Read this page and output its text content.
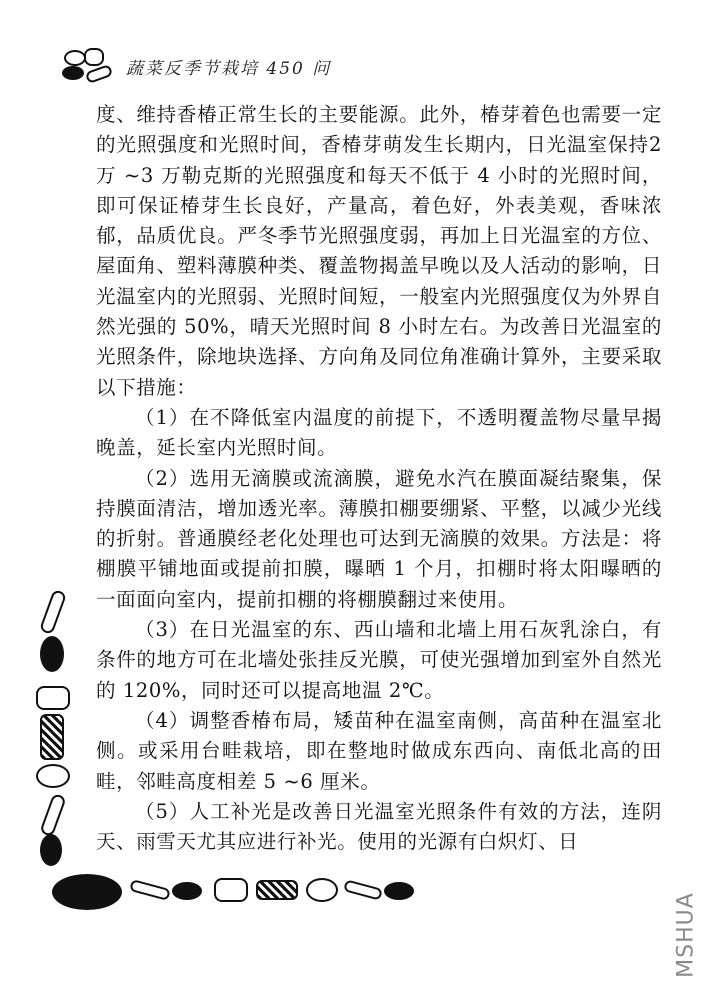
蔬菜反季节栽培 450 问

度、维持香椿正常生长的主要能源。此外，椿芽着色也需要一定的光照强度和光照时间，香椿芽萌发生长期内，日光温室保持2 万 ~3 万勒克斯的光照强度和每天不低于 4 小时的光照时间，即可保证椿芽生长良好，产量高，着色好，外表美观，香味浓郁，品质优良。严冬季节光照强度弱，再加上日光温室的方位、屋面角、塑料薄膜种类、覆盖物揭盖早晚以及人活动的影响，日光温室内的光照弱、光照时间短，一般室内光照强度仅为外界自然光强的 50%，晴天光照时间 8 小时左右。为改善日光温室的光照条件，除地块选择、方向角及同位角准确计算外，主要采取以下措施：

（1）在不降低室内温度的前提下，不透明覆盖物尽量早揭晚盖，延长室内光照时间。

（2）选用无滴膜或流滴膜，避免水汽在膜面凝结聚集，保持膜面清洁，增加透光率。薄膜扣棚要绷紧、平整，以减少光线的折射。普通膜经老化处理也可达到无滴膜的效果。方法是：将棚膜平铺地面或提前扣膜，曝晒 1 个月，扣棚时将太阳曝晒的一面面向室内，提前扣棚的将棚膜翻过来使用。

（3）在日光温室的东、西山墙和北墙上用石灰乳涂白，有条件的地方可在北墙处张挂反光膜，可使光强增加到室外自然光的 120%，同时还可以提高地温 2℃。

（4）调整香椿布局，矮苗种在温室南侧，高苗种在温室北侧。或采用台畦栽培，即在整地时做成东西向、南低北高的田畦，邻畦高度相差 5 ~6 厘米。

（5）人工补光是改善日光温室光照条件有效的方法，连阴天、雨雪天尤其应进行补光。使用的光源有白炽灯、日

MSHUA
